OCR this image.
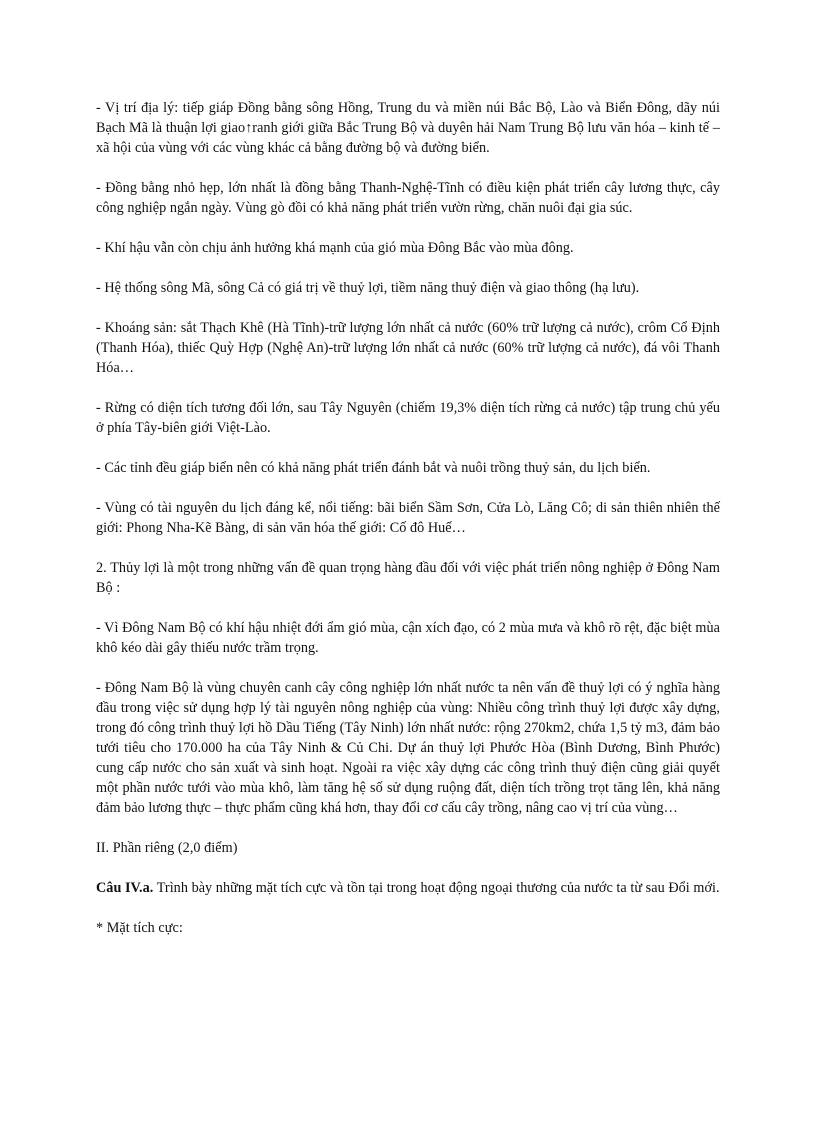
- Vị trí địa lý: tiếp giáp Đồng bằng sông Hồng, Trung du và miền núi Bắc Bộ, Lào và Biển Đông, dãy núi Bạch Mã là thuận lợi giao↑ranh giới giữa Bắc Trung Bộ và duyên hải Nam Trung Bộ lưu văn hóa – kinh tế – xã hội của vùng với các vùng khác cả bằng đường bộ và đường biển.

- Đồng bằng nhỏ hẹp, lớn nhất là đồng bằng Thanh-Nghệ-Tĩnh có điều kiện phát triển cây lương thực, cây công nghiệp ngắn ngày. Vùng gò đồi có khả năng phát triển vườn rừng, chăn nuôi đại gia súc.

- Khí hậu vẫn còn chịu ảnh hưởng khá mạnh của gió mùa Đông Bắc vào mùa đông.

- Hệ thống sông Mã, sông Cả có giá trị về thuỷ lợi, tiềm năng thuỷ điện và giao thông (hạ lưu).

- Khoáng sản: sắt Thạch Khê (Hà Tĩnh)-trữ lượng lớn nhất cả nước (60% trữ lượng cả nước), crôm Cổ Định (Thanh Hóa), thiếc Quỳ Hợp (Nghệ An)-trữ lượng lớn nhất cả nước (60% trữ lượng cả nước), đá vôi Thanh Hóa…

- Rừng có diện tích tương đối lớn, sau Tây Nguyên (chiếm 19,3% diện tích rừng cả nước) tập trung chủ yếu ở phía Tây-biên giới Việt-Lào.

- Các tỉnh đều giáp biển nên có khả năng phát triển đánh bắt và nuôi trồng thuỷ sản, du lịch biển.

- Vùng có tài nguyên du lịch đáng kể, nổi tiếng: bãi biển Sầm Sơn, Cửa Lò, Lăng Cô; di sản thiên nhiên thế giới: Phong Nha-Kẽ Bàng, di sản văn hóa thế giới: Cố đô Huế…

2. Thủy lợi là một trong những vấn đề quan trọng hàng đầu đối với việc phát triển nông nghiệp ở Đông Nam Bộ :

- Vì Đông Nam Bộ có khí hậu nhiệt đới ẩm gió mùa, cận xích đạo, có 2 mùa mưa và khô rõ rệt, đặc biệt mùa khô kéo dài gây thiếu nước trầm trọng.

- Đông Nam Bộ là vùng chuyên canh cây công nghiệp lớn nhất nước ta nên vấn đề thuỷ lợi có ý nghĩa hàng đầu trong việc sử dụng hợp lý tài nguyên nông nghiệp của vùng: Nhiều công trình thuỷ lợi được xây dựng, trong đó công trình thuỷ lợi hồ Dầu Tiếng (Tây Ninh) lớn nhất nước: rộng 270km2, chứa 1,5 tỷ m3, đảm bảo tưới tiêu cho 170.000 ha của Tây Ninh & Củ Chi. Dự án thuỷ lợi Phước Hòa (Bình Dương, Bình Phước) cung cấp nước cho sản xuất và sinh hoạt. Ngoài ra việc xây dựng các công trình thuỷ điện cũng giải quyết một phần nước tưới vào mùa khô, làm tăng hệ số sử dụng ruộng đất, diện tích trồng trọt tăng lên, khả năng đảm bảo lương thực – thực phẩm cũng khá hơn, thay đổi cơ cấu cây trồng, nâng cao vị trí của vùng…

II. Phần riêng (2,0 điểm)

Câu IV.a. Trình bày những mặt tích cực và tồn tại trong hoạt động ngoại thương của nước ta từ sau Đổi mới.

* Mặt tích cực:
